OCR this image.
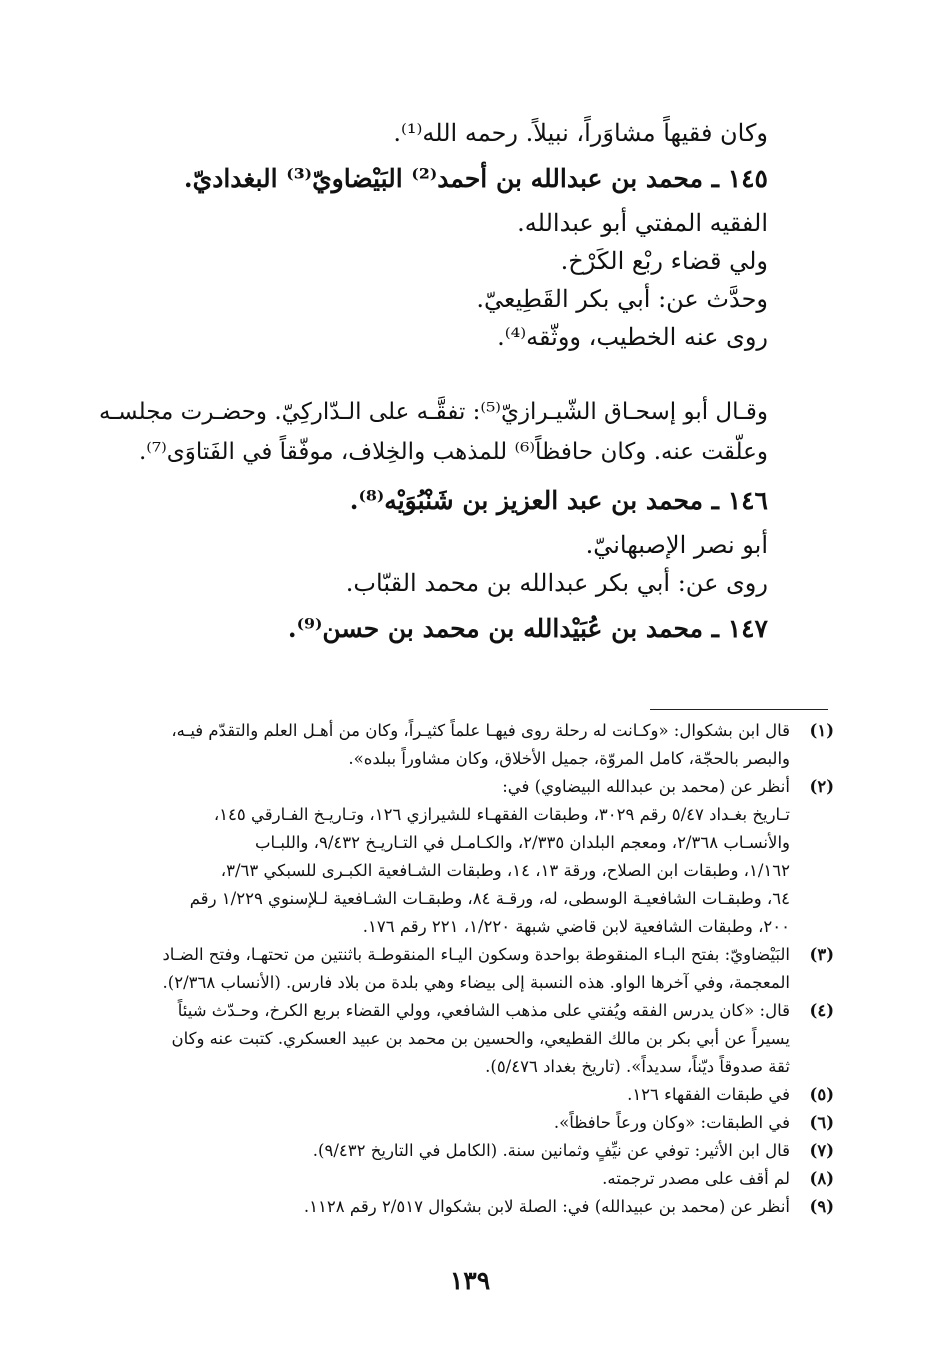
وكان فقيهاً مشاوَراً، نبيلاً. رحمه الله⁽¹⁾.
١٤٥ ـ محمد بن عبدالله بن أحمد⁽²⁾ البَيْضاويّ⁽³⁾ البغداديّ.
الفقيه المفتي أبو عبدالله.
ولي قضاء ربْع الكَرْخ.
وحدَّث عن: أبي بكر القَطِيعيّ.
روى عنه الخطيب، ووثّقه⁽⁴⁾.
وقـال أبو إسحـاق الشّيـرازيّ⁽⁵⁾: تفقَّـه على الـدّاركِيّ. وحضـرت مجلسـه
وعلّقت عنه. وكان حافظاً⁽⁶⁾ للمذهب والخِلاف، موفّقاً في الفَتاوَى⁽⁷⁾.
١٤٦ ـ محمد بن عبد العزيز بن شَنْبُوَيْه⁽⁸⁾.
أبو نصر الإصبهانيّ.
روى عن: أبي بكر عبدالله بن محمد القبّاب.
١٤٧ ـ محمد بن عُبَيْدالله بن محمد بن حسن⁽⁹⁾.
(١)
قال ابن بشكوال: «وكـانت له رحلة روى فيهـا علماً كثيـراً، وكان من أهـل العلم والتقدّم فيـه،
والبصر بالحجّة، كامل المروّة، جميل الأخلاق، وكان مشاوراً ببلده».
(٢)
أنظر عن (محمد بن عبدالله البيضاوي) في:
تـاريخ بغـداد ٥/٤٧ رقم ٣٠٢٩، وطبقات الفقهـاء للشيرازي ١٢٦، وتـاريـخ الفـارقي ١٤٥،
والأنسـاب ٢/٣٦٨، ومعجم البلدان ٢/٣٣٥، والكـامـل في التـاريـخ ٩/٤٣٢، واللبـاب
١/١٦٢، وطبقات ابن الصلاح، ورقة ١٣، ١٤، وطبقات الشـافعية الكبـرى للسبكي ٣/٦٣،
٦٤، وطبقـات الشافعيـة الوسطى، له، ورقـة ٨٤، وطبقـات الشـافعية لـلإسنوي ١/٢٢٩ رقم
٢٠٠، وطبقات الشافعية لابن قاضي شبهة ١/٢٢٠، ٢٢١ رقم ١٧٦.
(٣)
البَيْضاويّ: بفتح البـاء المنقوطة بواحدة وسكون اليـاء المنقوطـة باثنتين من تحتهـا، وفتح الضـاد
المعجمة، وفي آخرها الواو. هذه النسبة إلى بيضاء وهي بلدة من بلاد فارس. (الأنساب ٢/٣٦٨).
(٤)
قال: «كان يدرس الفقه ويُفتي على مذهب الشافعي، وولي القضاء بربع الكرخ، وحـدّث شيئاً
يسيراً عن أبي بكر بن مالك القطيعي، والحسين بن محمد بن عبيد العسكري. كتبت عنه وكان
ثقة صدوقاً ديّناً، سديداً». (تاريخ بغداد ٥/٤٧٦).
(٥)
في طبقات الفقهاء ١٢٦.
(٦)
في الطبقات: «وكان ورعاً حافظاً».
(٧)
قال ابن الأثير: توفي عن نيِّفٍ وثمانين سنة. (الكامل في التاريخ ٩/٤٣٢).
(٨)
لم أقف على مصدر ترجمته.
(٩)
أنظر عن (محمد بن عبيدالله) في: الصلة لابن بشكوال ٢/٥١٧ رقم ١١٢٨.
١٣٩
